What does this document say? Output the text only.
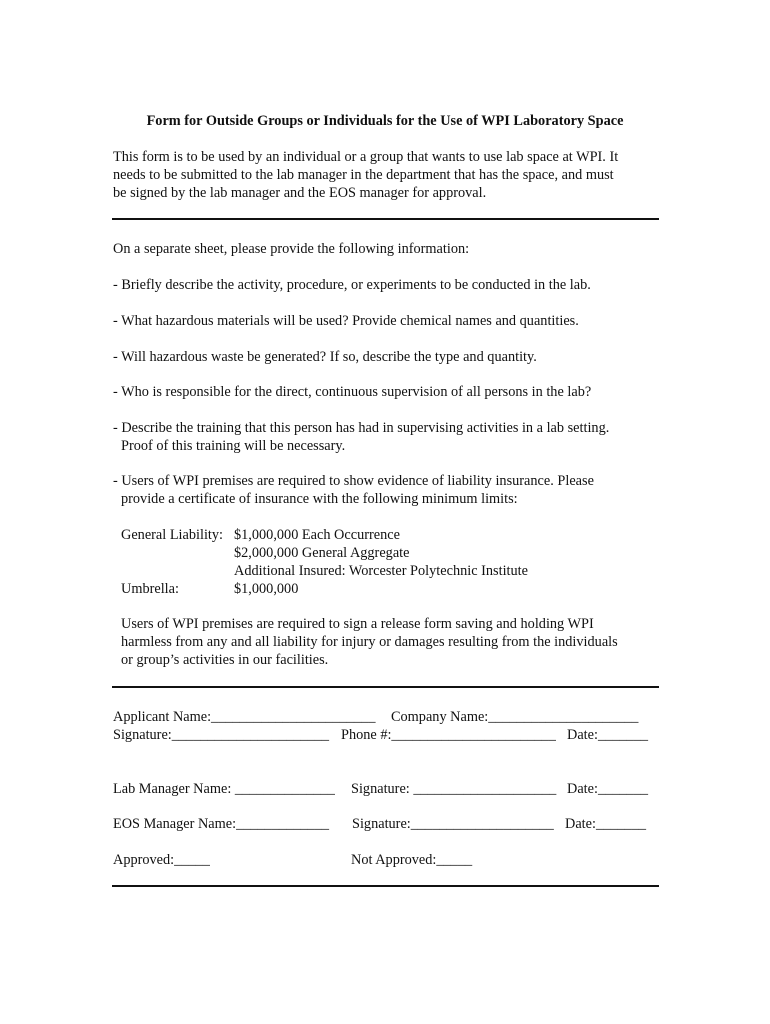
Form for Outside Groups or Individuals for the Use of WPI Laboratory Space
This form is to be used by an individual or a group that wants to use lab space at WPI. It
needs to be submitted to the lab manager in the department that has the space, and must
be signed by the lab manager and the EOS manager for approval.
On a separate sheet, please provide the following information:
- Briefly describe the activity, procedure, or experiments to be conducted in the lab.
- What hazardous materials will be used? Provide chemical names and quantities.
- Will hazardous waste be generated? If so, describe the type and quantity.
- Who is responsible for the direct, continuous supervision of all persons in the lab?
- Describe the training that this person has had in supervising activities in a lab setting.
Proof of this training will be necessary.
- Users of WPI premises are required to show evidence of liability insurance. Please
provide a certificate of insurance with the following minimum limits:
General Liability: $1,000,000 Each Occurrence
$2,000,000 General Aggregate
Additional Insured: Worcester Polytechnic Institute
Umbrella:	$1,000,000
Users of WPI premises are required to sign a release form saving and holding WPI
harmless from any and all liability for injury or damages resulting from the individuals
or group’s activities in our facilities.
Applicant Name:_______________________ Company Name:_____________________
Signature:______________________ Phone #:_______________________ Date:_______
Lab Manager Name: ______________ Signature: ____________________ Date:_______
EOS Manager Name:_____________ Signature:____________________ Date:_______
Approved:_____	Not Approved:_____
